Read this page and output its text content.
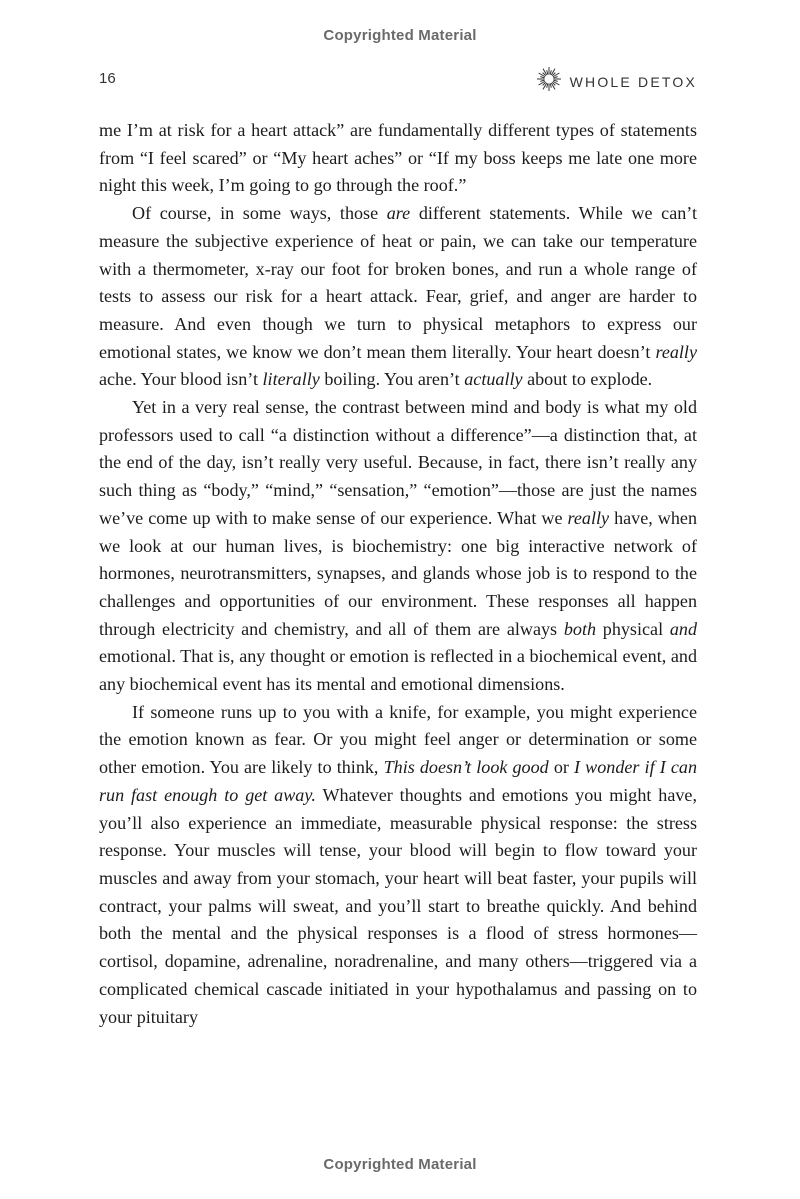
Copyrighted Material
16	WHOLE DETOX

me I’m at risk for a heart attack” are fundamentally different types of statements from “I feel scared” or “My heart aches” or “If my boss keeps me late one more night this week, I’m going to go through the roof.”

Of course, in some ways, those are different statements. While we can’t measure the subjective experience of heat or pain, we can take our temperature with a thermometer, x-ray our foot for broken bones, and run a whole range of tests to assess our risk for a heart attack. Fear, grief, and anger are harder to measure. And even though we turn to physical metaphors to express our emotional states, we know we don’t mean them literally. Your heart doesn’t really ache. Your blood isn’t literally boiling. You aren’t actually about to explode.

Yet in a very real sense, the contrast between mind and body is what my old professors used to call “a distinction without a difference”—a distinction that, at the end of the day, isn’t really very useful. Because, in fact, there isn’t really any such thing as “body,” “mind,” “sensation,” “emotion”—those are just the names we’ve come up with to make sense of our experience. What we really have, when we look at our human lives, is biochemistry: one big interactive network of hormones, neurotransmitters, synapses, and glands whose job is to respond to the challenges and opportunities of our environment. These responses all happen through electricity and chemistry, and all of them are always both physical and emotional. That is, any thought or emotion is reflected in a biochemical event, and any biochemical event has its mental and emotional dimensions.

If someone runs up to you with a knife, for example, you might experience the emotion known as fear. Or you might feel anger or determination or some other emotion. You are likely to think, This doesn’t look good or I wonder if I can run fast enough to get away. Whatever thoughts and emotions you might have, you’ll also experience an immediate, measurable physical response: the stress response. Your muscles will tense, your blood will begin to flow toward your muscles and away from your stomach, your heart will beat faster, your pupils will contract, your palms will sweat, and you’ll start to breathe quickly. And behind both the mental and the physical responses is a flood of stress hormones—cortisol, dopamine, adrenaline, noradrenaline, and many others—triggered via a complicated chemical cascade initiated in your hypothalamus and passing on to your pituitary

Copyrighted Material
